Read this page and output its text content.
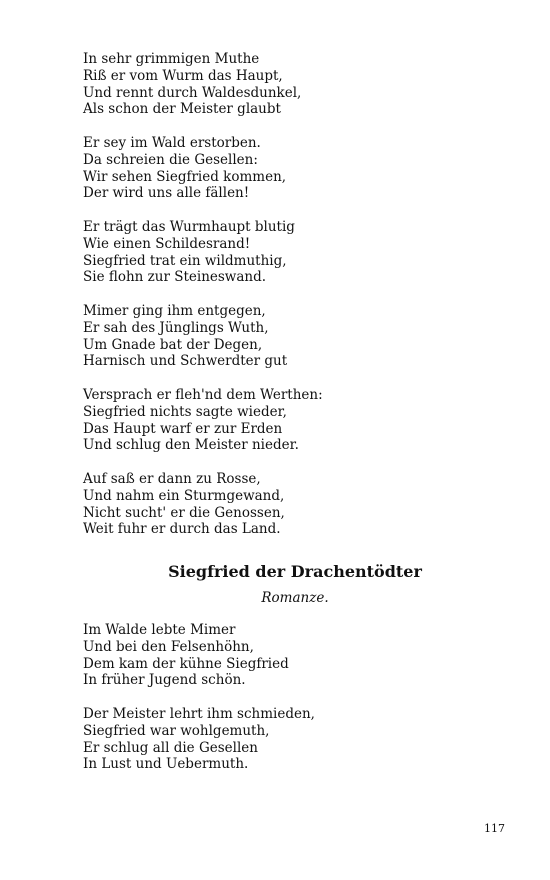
In sehr grimmigen Muthe
Riß er vom Wurm das Haupt,
Und rennt durch Waldesdunkel,
Als schon der Meister glaubt
Er sey im Wald erstorben.
Da schreien die Gesellen:
Wir sehen Siegfried kommen,
Der wird uns alle fällen!
Er trägt das Wurmhaupt blutig
Wie einen Schildesrand!
Siegfried trat ein wildmuthig,
Sie flohn zur Steineswand.
Mimer ging ihm entgegen,
Er sah des Jünglings Wuth,
Um Gnade bat der Degen,
Harnisch und Schwerdter gut
Versprach er fleh'nd dem Werthen:
Siegfried nichts sagte wieder,
Das Haupt warf er zur Erden
Und schlug den Meister nieder.
Auf saß er dann zu Rosse,
Und nahm ein Sturmgewand,
Nicht sucht' er die Genossen,
Weit fuhr er durch das Land.
Siegfried der Drachentödter
Romanze.
Im Walde lebte Mimer
Und bei den Felsenhöhn,
Dem kam der kühne Siegfried
In früher Jugend schön.
Der Meister lehrt ihm schmieden,
Siegfried war wohlgemuth,
Er schlug all die Gesellen
In Lust und Uebermuth.
117
